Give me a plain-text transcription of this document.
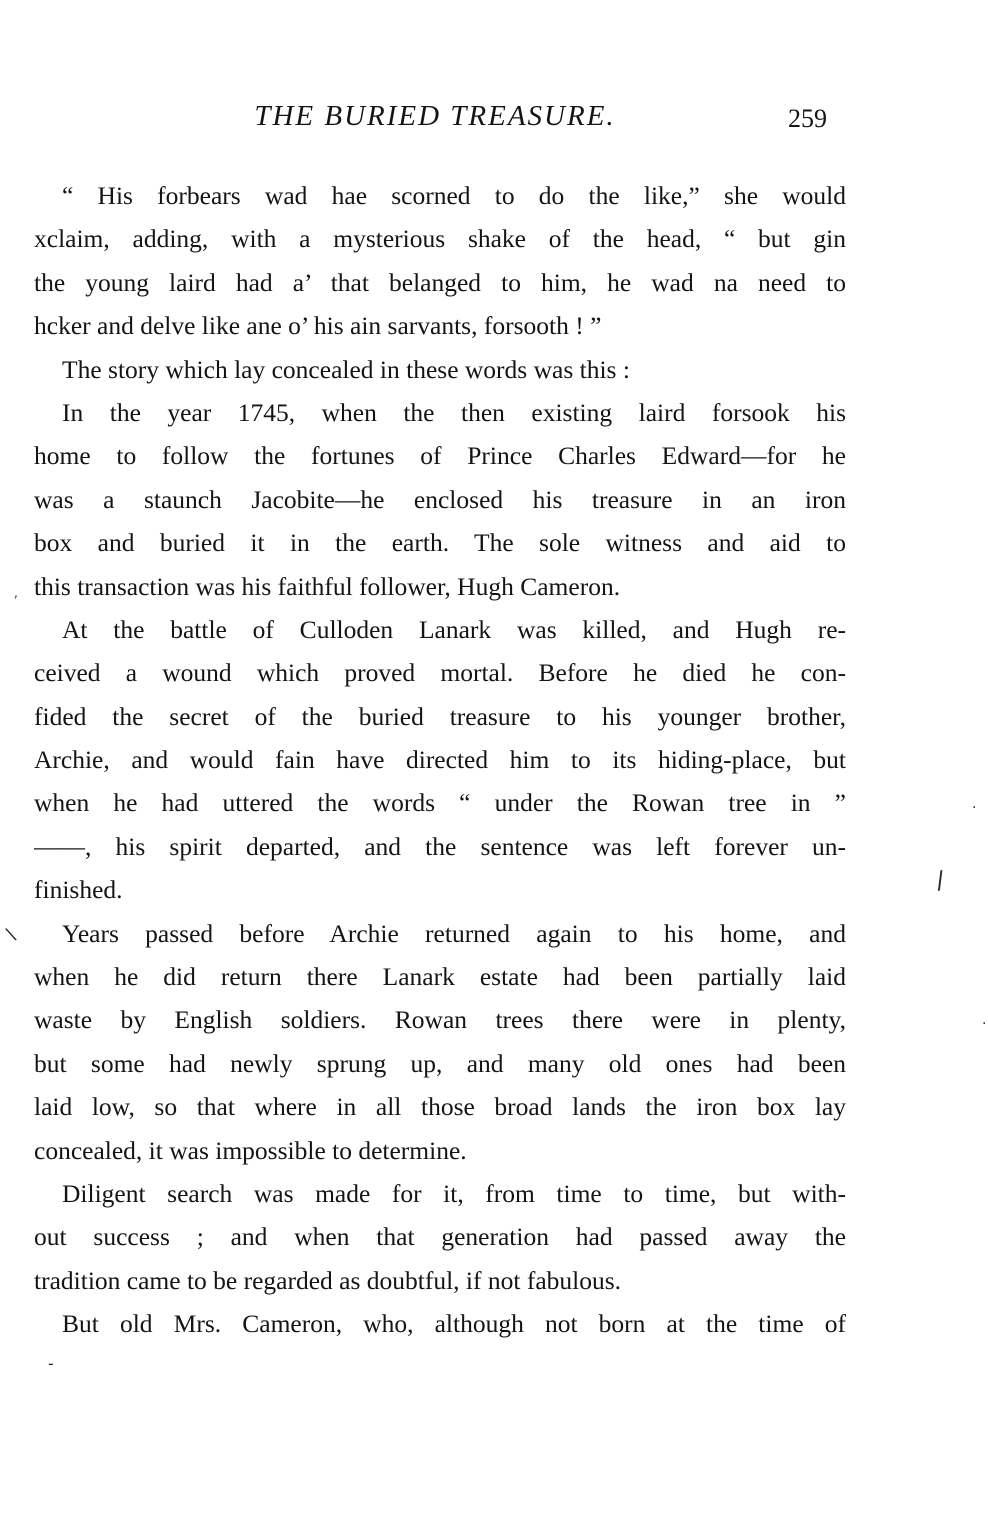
THE BURIED TREASURE.	259
“ His forbears wad hae scorned to do the like,” she would
xclaim, adding, with a mysterious shake of the head, “ but gin
the young laird had a’ that belanged to him, he wad na need to
hcker and delve like ane o’ his ain sarvants, forsooth ! ”
The story which lay concealed in these words was this :
In the year 1745, when the then existing laird forsook his
home to follow the fortunes of Prince Charles Edward—for he
was a staunch Jacobite—he enclosed his treasure in an iron
box and buried it in the earth. The sole witness and aid to
this transaction was his faithful follower, Hugh Cameron.
At the battle of Culloden Lanark was killed, and Hugh re-
ceived a wound which proved mortal. Before he died he con-
fided the secret of the buried treasure to his younger brother,
Archie, and would fain have directed him to its hiding-place, but
when he had uttered the words “ under the Rowan tree in ”
——, his spirit departed, and the sentence was left forever un-
finished.
Years passed before Archie returned again to his home, and
when he did return there Lanark estate had been partially laid
waste by English soldiers. Rowan trees there were in plenty,
but some had newly sprung up, and many old ones had been
laid low, so that where in all those broad lands the iron box lay
concealed, it was impossible to determine.
Diligent search was made for it, from time to time, but with-
out success ; and when that generation had passed away the
tradition came to be regarded as doubtful, if not fabulous.
But old Mrs. Cameron, who, although not born at the time of
/
\
·
·
-
,
